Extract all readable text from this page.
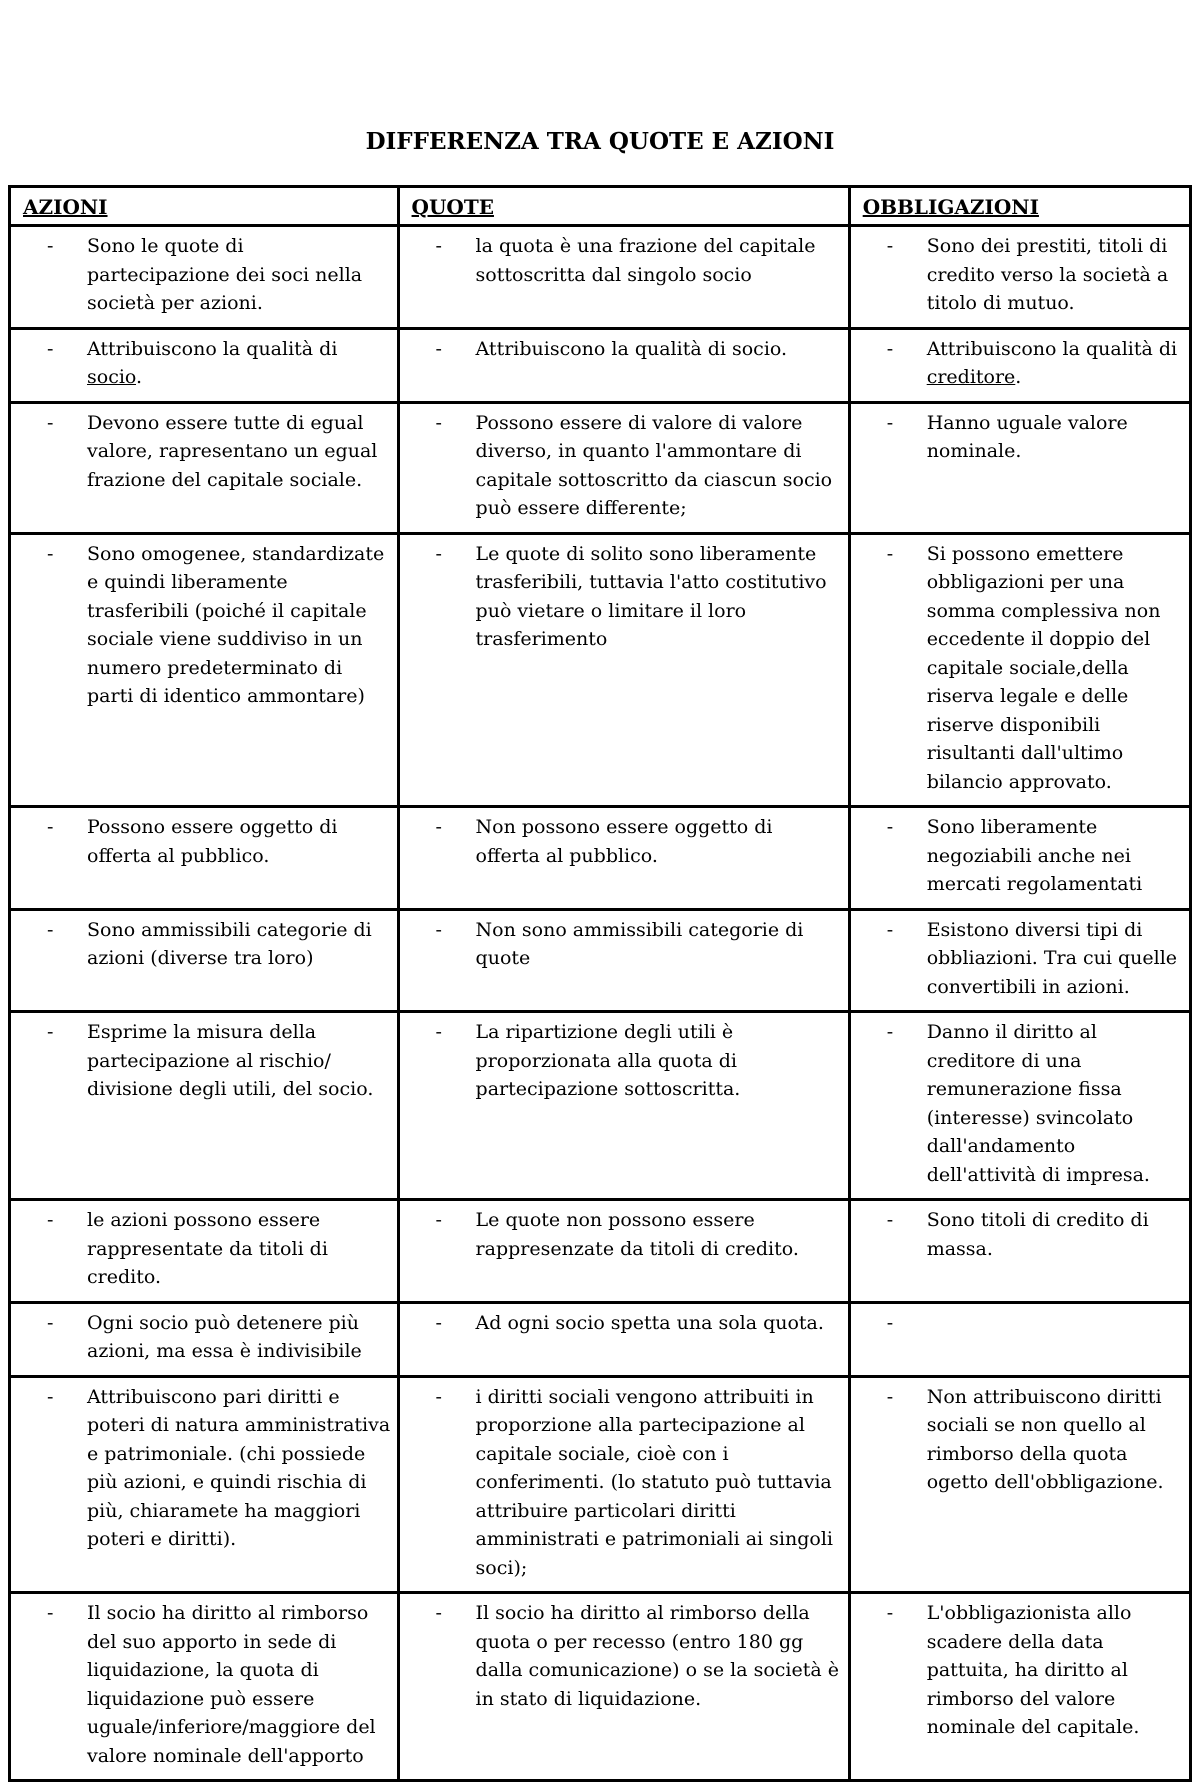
DIFFERENZA TRA QUOTE E AZIONI
AZIONI	QUOTE	OBBLIGAZIONI

- Sono le quote di partecipazione dei soci nella società per azioni.	- la quota è una frazione del capitale sottoscritta dal singolo socio	- Sono dei prestiti, titoli di credito verso la società a titolo di mutuo.

- Attribuiscono la qualità di socio.	- Attribuiscono la qualità di socio.	- Attribuiscono la qualità di creditore.

- Devono essere tutte di egual valore, rapresentano un egual frazione del capitale sociale.	- Possono essere di valore di valore diverso, in quanto l'ammontare di capitale sottoscritto da ciascun socio può essere differente;	- Hanno uguale valore nominale.

- Sono omogenee, standardizate e quindi liberamente trasferibili (poiché il capitale sociale viene suddiviso in un numero predeterminato di parti di identico ammontare)	- Le quote di solito sono liberamente trasferibili, tuttavia l'atto costitutivo può vietare o limitare il loro trasferimento	- Si possono emettere obbligazioni per una somma complessiva non eccedente il doppio del capitale sociale,della riserva legale e delle riserve disponibili risultanti dall'ultimo bilancio approvato.

- Possono essere oggetto di offerta al pubblico.	- Non possono essere oggetto di offerta al pubblico.	- Sono liberamente negoziabili anche nei mercati regolamentati

- Sono ammissibili categorie di azioni (diverse tra loro)	- Non sono ammissibili categorie di quote	- Esistono diversi tipi di obbliazioni. Tra cui quelle convertibili in azioni.

- Esprime la misura della partecipazione al rischio/ divisione degli utili, del socio.	- La ripartizione degli utili è proporzionata alla quota di partecipazione sottoscritta.	- Danno il diritto al creditore di una remunerazione fissa (interesse) svincolato dall'andamento dell'attività di impresa.

- le azioni possono essere rappresentate da titoli di credito.	- Le quote non possono essere rappresenzate da titoli di credito.	- Sono titoli di credito di massa.

- Ogni socio può detenere più azioni, ma essa è indivisibile	- Ad ogni socio spetta una sola quota.	-

- Attribuiscono pari diritti e poteri di natura amministrativa e patrimoniale. (chi possiede più azioni, e quindi rischia di più, chiaramete ha maggiori poteri e diritti).	- i diritti sociali vengono attribuiti in proporzione alla partecipazione al capitale sociale, cioè con i conferimenti. (lo statuto può tuttavia attribuire particolari diritti amministrati e patrimoniali ai singoli soci);	- Non attribuiscono diritti sociali se non quello al rimborso della quota ogetto dell'obbligazione.

- Il socio ha diritto al rimborso del suo apporto in sede di liquidazione, la quota di liquidazione può essere uguale/inferiore/maggiore del valore nominale dell'apporto	- Il socio ha diritto al rimborso della quota o per recesso (entro 180 gg dalla comunicazione) o se la società è in stato di liquidazione.	- L'obbligazionista allo scadere della data pattuita, ha diritto al rimborso del valore nominale del capitale.
